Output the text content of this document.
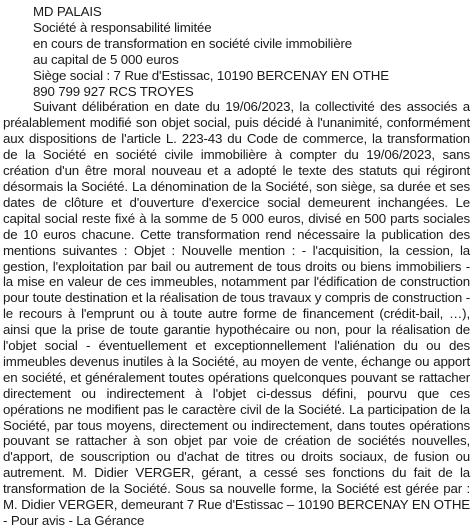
MD PALAIS
Société à responsabilité limitée
en cours de transformation en société civile immobilière
au capital de 5 000 euros
Siège social : 7 Rue d'Estissac, 10190 BERCENAY EN OTHE
890 799 927 RCS TROYES

Suivant délibération en date du 19/06/2023, la collectivité des associés a préalablement modifié son objet social, puis décidé à l'unanimité, conformément aux dispositions de l'article L. 223-43 du Code de commerce, la transformation de la Société en société civile immobilière à compter du 19/06/2023, sans création d'un être moral nouveau et a adopté le texte des statuts qui régiront désormais la Société. La dénomination de la Société, son siège, sa durée et ses dates de clôture et d'ouverture d'exercice social demeurent inchangées. Le capital social reste fixé à la somme de 5 000 euros, divisé en 500 parts sociales de 10 euros chacune. Cette transformation rend nécessaire la publication des mentions suivantes : Objet : Nouvelle mention : - l'acquisition, la cession, la gestion, l'exploitation par bail ou autrement de tous droits ou biens immobiliers - la mise en valeur de ces immeubles, notamment par l'édification de construction pour toute destination et la réalisation de tous travaux y compris de construction - le recours à l'emprunt ou à toute autre forme de financement (crédit-bail, …), ainsi que la prise de toute garantie hypothécaire ou non, pour la réalisation de l'objet social - éventuellement et exceptionnellement l'aliénation du ou des immeubles devenus inutiles à la Société, au moyen de vente, échange ou apport en société, et généralement toutes opérations quelconques pouvant se rattacher directement ou indirectement à l'objet ci-dessus défini, pourvu que ces opérations ne modifient pas le caractère civil de la Société. La participation de la Société, par tous moyens, directement ou indirectement, dans toutes opérations pouvant se rattacher à son objet par voie de création de sociétés nouvelles, d'apport, de souscription ou d'achat de titres ou droits sociaux, de fusion ou autrement. M. Didier VERGER, gérant, a cessé ses fonctions du fait de la transformation de la Société. Sous sa nouvelle forme, la Société est gérée par : M. Didier VERGER, demeurant 7 Rue d'Estissac – 10190 BERCENAY EN OTHE - Pour avis - La Gérance
